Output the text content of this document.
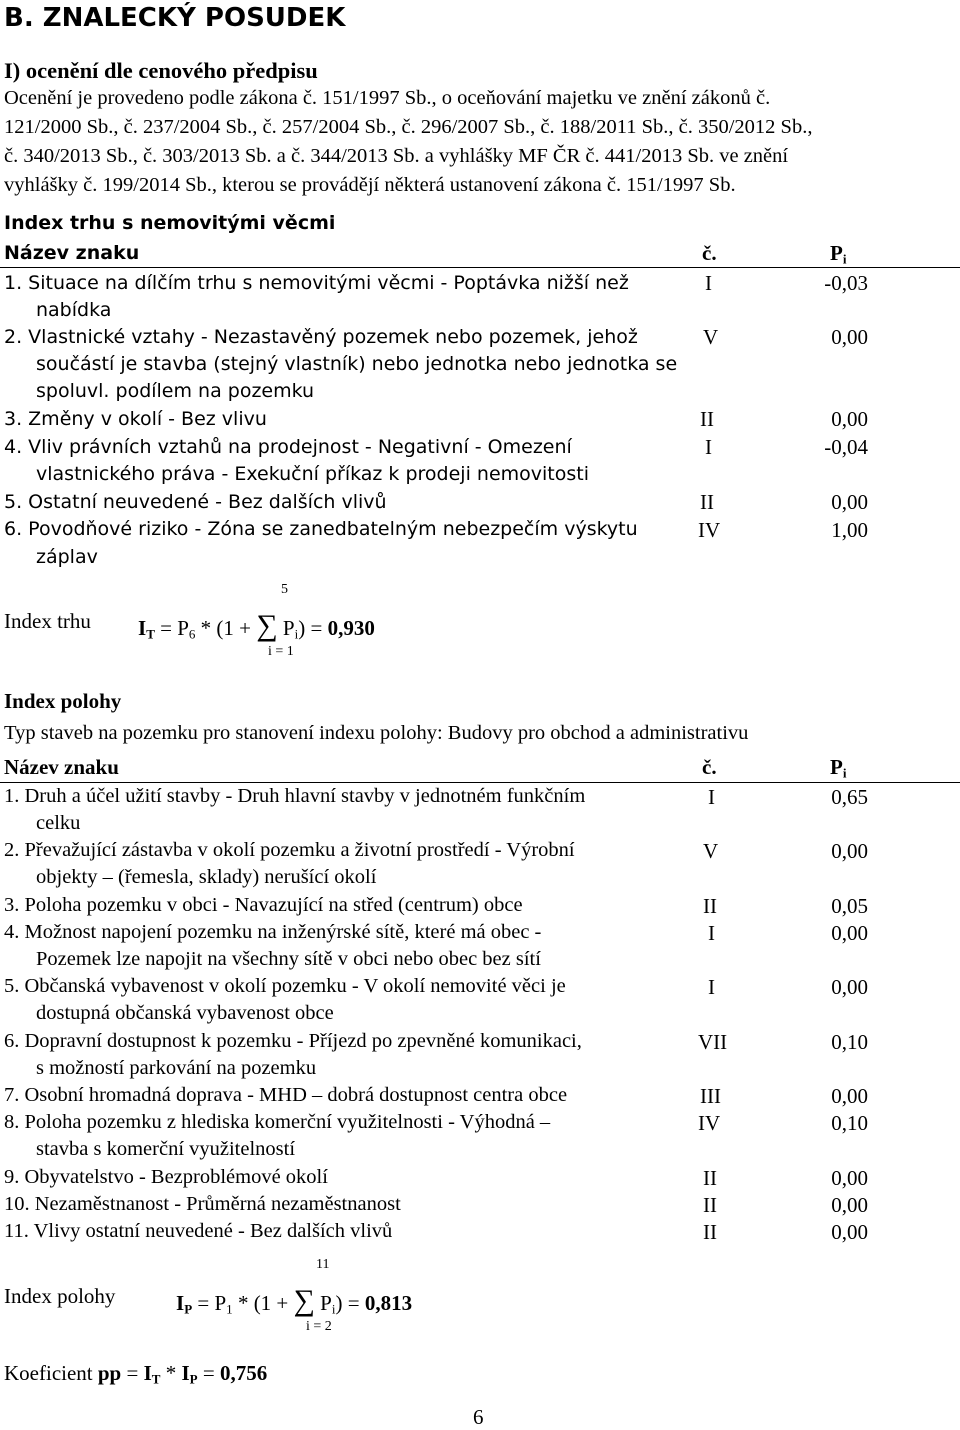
B. ZNALECKÝ POSUDEK
I) ocenění dle cenového předpisu
Ocenění je provedeno podle zákona č. 151/1997 Sb., o oceňování majetku ve znění zákonů č.
121/2000 Sb., č. 237/2004 Sb., č. 257/2004 Sb., č. 296/2007 Sb., č. 188/2011 Sb., č. 350/2012 Sb.,
č. 340/2013 Sb., č. 303/2013 Sb. a č. 344/2013 Sb. a vyhlášky MF ČR č. 441/2013 Sb. ve znění
vyhlášky č. 199/2014 Sb., kterou se provádějí některá ustanovení zákona č. 151/1997 Sb.
Index trhu s nemovitými věcmi
Název znaku	č.	$P_i$
1. Situace na dílčím trhu s nemovitými věcmi - Poptávka nižší než
nabídka
I	-0,03
2. Vlastnické vztahy - Nezastavěný pozemek nebo pozemek, jehož
součástí je stavba (stejný vlastník) nebo jednotka nebo jednotka se
spoluvl. podílem na pozemku
V	0,00
3. Změny v okolí - Bez vlivu	II	0,00
4. Vliv právních vztahů na prodejnost - Negativní - Omezení
vlastnického práva - Exekuční příkaz k prodeji nemovitosti
I	-0,04
5. Ostatní neuvedené - Bez dalších vlivů	II	0,00
6. Povodňové riziko - Zóna se zanedbatelným nebezpečím výskytu
záplav
IV	1,00
5
Index trhu $I_T = P_6 * (1$ + ∑ $P_i) = 0,930$
i = 1
Index polohy
Typ staveb na pozemku pro stanovení indexu polohy: Budovy pro obchod a administrativu
Název znaku	č.	$P_i$
1. Druh a účel užití stavby - Druh hlavní stavby v jednotném funkčním
celku
I	0,65
2. Převažující zástavba v okolí pozemku a životní prostředí - Výrobní
objekty – (řemesla, sklady) nerušící okolí
V	0,00
3. Poloha pozemku v obci - Navazující na střed (centrum) obce	II	0,05
4. Možnost napojení pozemku na inženýrské sítě, které má obec -
Pozemek lze napojit na všechny sítě v obci nebo obec bez sítí
I	0,00
5. Občanská vybavenost v okolí pozemku - V okolí nemovité věci je
dostupná občanská vybavenost obce
I	0,00
6. Dopravní dostupnost k pozemku - Příjezd po zpevněné komunikaci,
s možností parkování na pozemku
VII	0,10
7. Osobní hromadná doprava - MHD – dobrá dostupnost centra obce	III	0,00
8. Poloha pozemku z hlediska komerční využitelnosti - Výhodná –
stavba s komerční využitelností
IV	0,10
9. Obyvatelstvo - Bezproblémové okolí	II	0,00
10. Nezaměstnanost - Průměrná nezaměstnanost	II	0,00
11. Vlivy ostatní neuvedené - Bez dalších vlivů	II	0,00
11
Index polohy	$I_P = P_1 * (1$ + ∑ $P_i) = 0,813$
i = 2
Koeficient pp = $I_T * I_P = 0,756$
6
